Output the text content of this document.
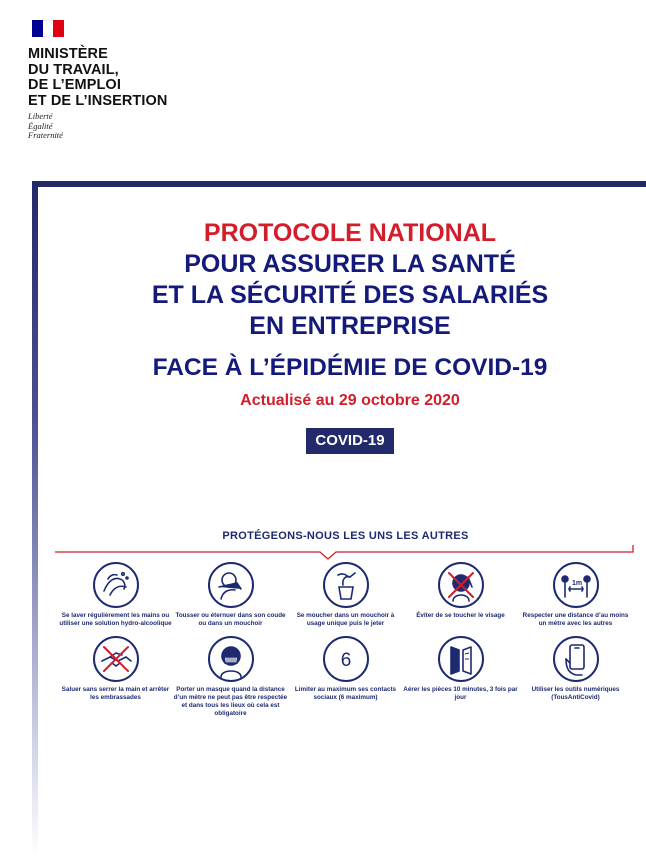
MINISTÈRE
DU TRAVAIL,
DE L’EMPLOI
ET DE L’INSERTION
Liberté
Égalité
Fraternité
PROTOCOLE NATIONAL
POUR ASSURER LA SANTÉ
ET LA SÉCURITÉ DES SALARIÉS
EN ENTREPRISE
FACE À L’ÉPIDÉMIE DE COVID-19
Actualisé au 29 octobre 2020
COVID-19
PROTÉGEONS-NOUS LES UNS LES AUTRES
Se laver régulièrement les mains ou utiliser une solution hydro-alcoolique
Tousser ou éternuer dans son coude ou dans un mouchoir
Se moucher dans un mouchoir à usage unique puis le jeter
Éviter de se toucher le visage
1m
Respecter une distance d’au moins un mètre avec les autres
Saluer sans serrer la main et arrêter les embrassades
Porter un masque quand la distance d’un mètre ne peut pas être respectée et dans tous les lieux où cela est obligatoire
6
Limiter au maximum ses contacts sociaux (6 maximum)
Aérer les pièces 10 minutes, 3 fois par jour
Utiliser les outils numériques (TousAntiCovid)
